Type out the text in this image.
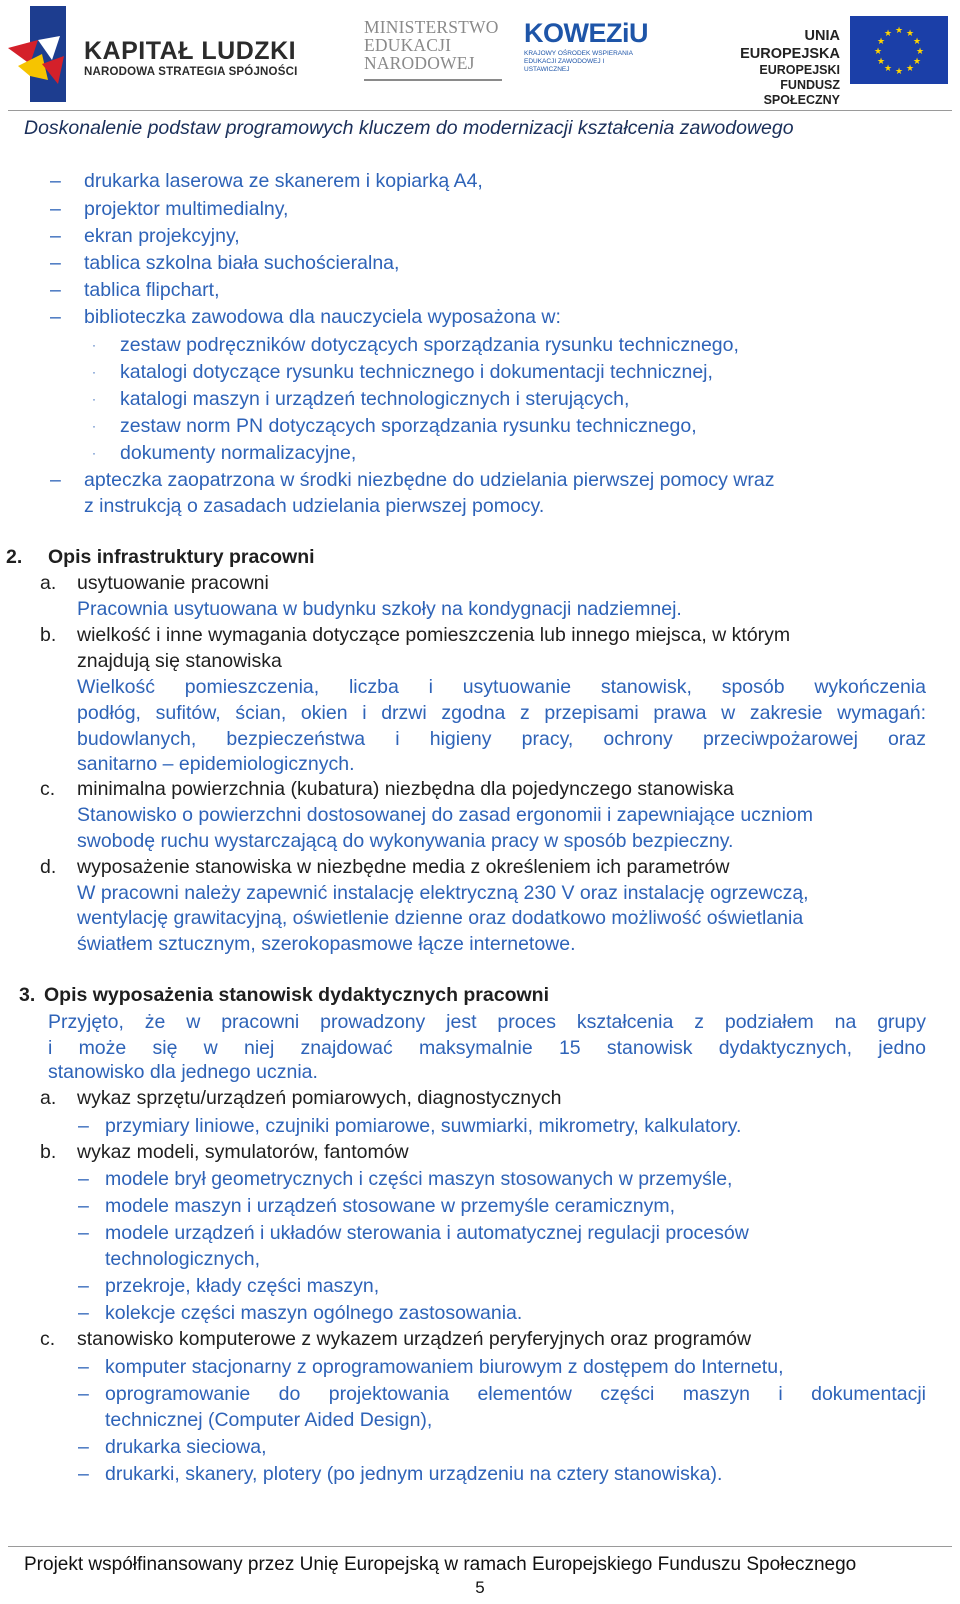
KAPITAŁ LUDZKI
NARODOWA STRATEGIA SPÓJNOŚCI
MINISTERSTWO
EDUKACJI
NARODOWEJ
KOWEZiU
KRAJOWY OŚRODEK WSPIERANIA EDUKACJI ZAWODOWEJ I USTAWICZNEJ
UNIA EUROPEJSKA
EUROPEJSKI
FUNDUSZ SPOŁECZNY
★ ★
★
★
★
★
★
★
★
★
★
★
Doskonalenie podstaw programowych kluczem do modernizacji kształcenia zawodowego
– drukarka laserowa ze skanerem i kopiarką A4,
– projektor multimedialny,
– ekran projekcyjny,
– tablica szkolna biała suchościeralna,
– tablica flipchart,
– biblioteczka zawodowa dla nauczyciela wyposażona w:
· zestaw podręczników dotyczących sporządzania rysunku technicznego,
· katalogi dotyczące rysunku technicznego i dokumentacji technicznej,
· katalogi maszyn i urządzeń technologicznych i sterujących,
· zestaw norm PN dotyczących sporządzania rysunku technicznego,
· dokumenty normalizacyjne,
– apteczka zaopatrzona w środki niezbędne do udzielania pierwszej pomocy wraz
z instrukcją o zasadach udzielania pierwszej pomocy.
2. Opis infrastruktury pracowni
a. usytuowanie pracowni
Pracownia usytuowana w budynku szkoły na kondygnacji nadziemnej.
b. wielkość i inne wymagania dotyczące pomieszczenia lub innego miejsca, w którym
znajdują się stanowiska
Wielkość pomieszczenia, liczba i usytuowanie stanowisk, sposób wykończenia
podłóg, sufitów, ścian, okien i drzwi zgodna z przepisami prawa w zakresie wymagań:
budowlanych, bezpieczeństwa i higieny pracy, ochrony przeciwpożarowej oraz
sanitarno – epidemiologicznych.
c. minimalna powierzchnia (kubatura) niezbędna dla pojedynczego stanowiska
Stanowisko o powierzchni dostosowanej do zasad ergonomii i zapewniające uczniom
swobodę ruchu wystarczającą do wykonywania pracy w sposób bezpieczny.
d. wyposażenie stanowiska w niezbędne media z określeniem ich parametrów
W pracowni należy zapewnić instalację elektryczną 230 V oraz instalację ogrzewczą,
wentylację grawitacyjną, oświetlenie dzienne oraz dodatkowo możliwość oświetlania
światłem sztucznym, szerokopasmowe łącze internetowe.
3. Opis wyposażenia stanowisk dydaktycznych pracowni
Przyjęto, że w pracowni prowadzony jest proces kształcenia z podziałem na grupy
i może się w niej znajdować maksymalnie 15 stanowisk dydaktycznych, jedno
stanowisko dla jednego ucznia.
a. wykaz sprzętu/urządzeń pomiarowych, diagnostycznych
– przymiary liniowe, czujniki pomiarowe, suwmiarki, mikrometry, kalkulatory.
b. wykaz modeli, symulatorów, fantomów
– modele brył geometrycznych i części maszyn stosowanych w przemyśle,
– modele maszyn i urządzeń stosowane w przemyśle ceramicznym,
– modele urządzeń i układów sterowania i automatycznej regulacji procesów
technologicznych,
– przekroje, kłady części maszyn,
– kolekcje części maszyn ogólnego zastosowania.
c. stanowisko komputerowe z wykazem urządzeń peryferyjnych oraz programów
– komputer stacjonarny z oprogramowaniem biurowym z dostępem do Internetu,
– oprogramowanie do projektowania elementów części maszyn i dokumentacji
technicznej (Computer Aided Design),
– drukarka sieciowa,
– drukarki, skanery, plotery (po jednym urządzeniu na cztery stanowiska).
Projekt współfinansowany przez Unię Europejską w ramach Europejskiego Funduszu Społecznego
5
